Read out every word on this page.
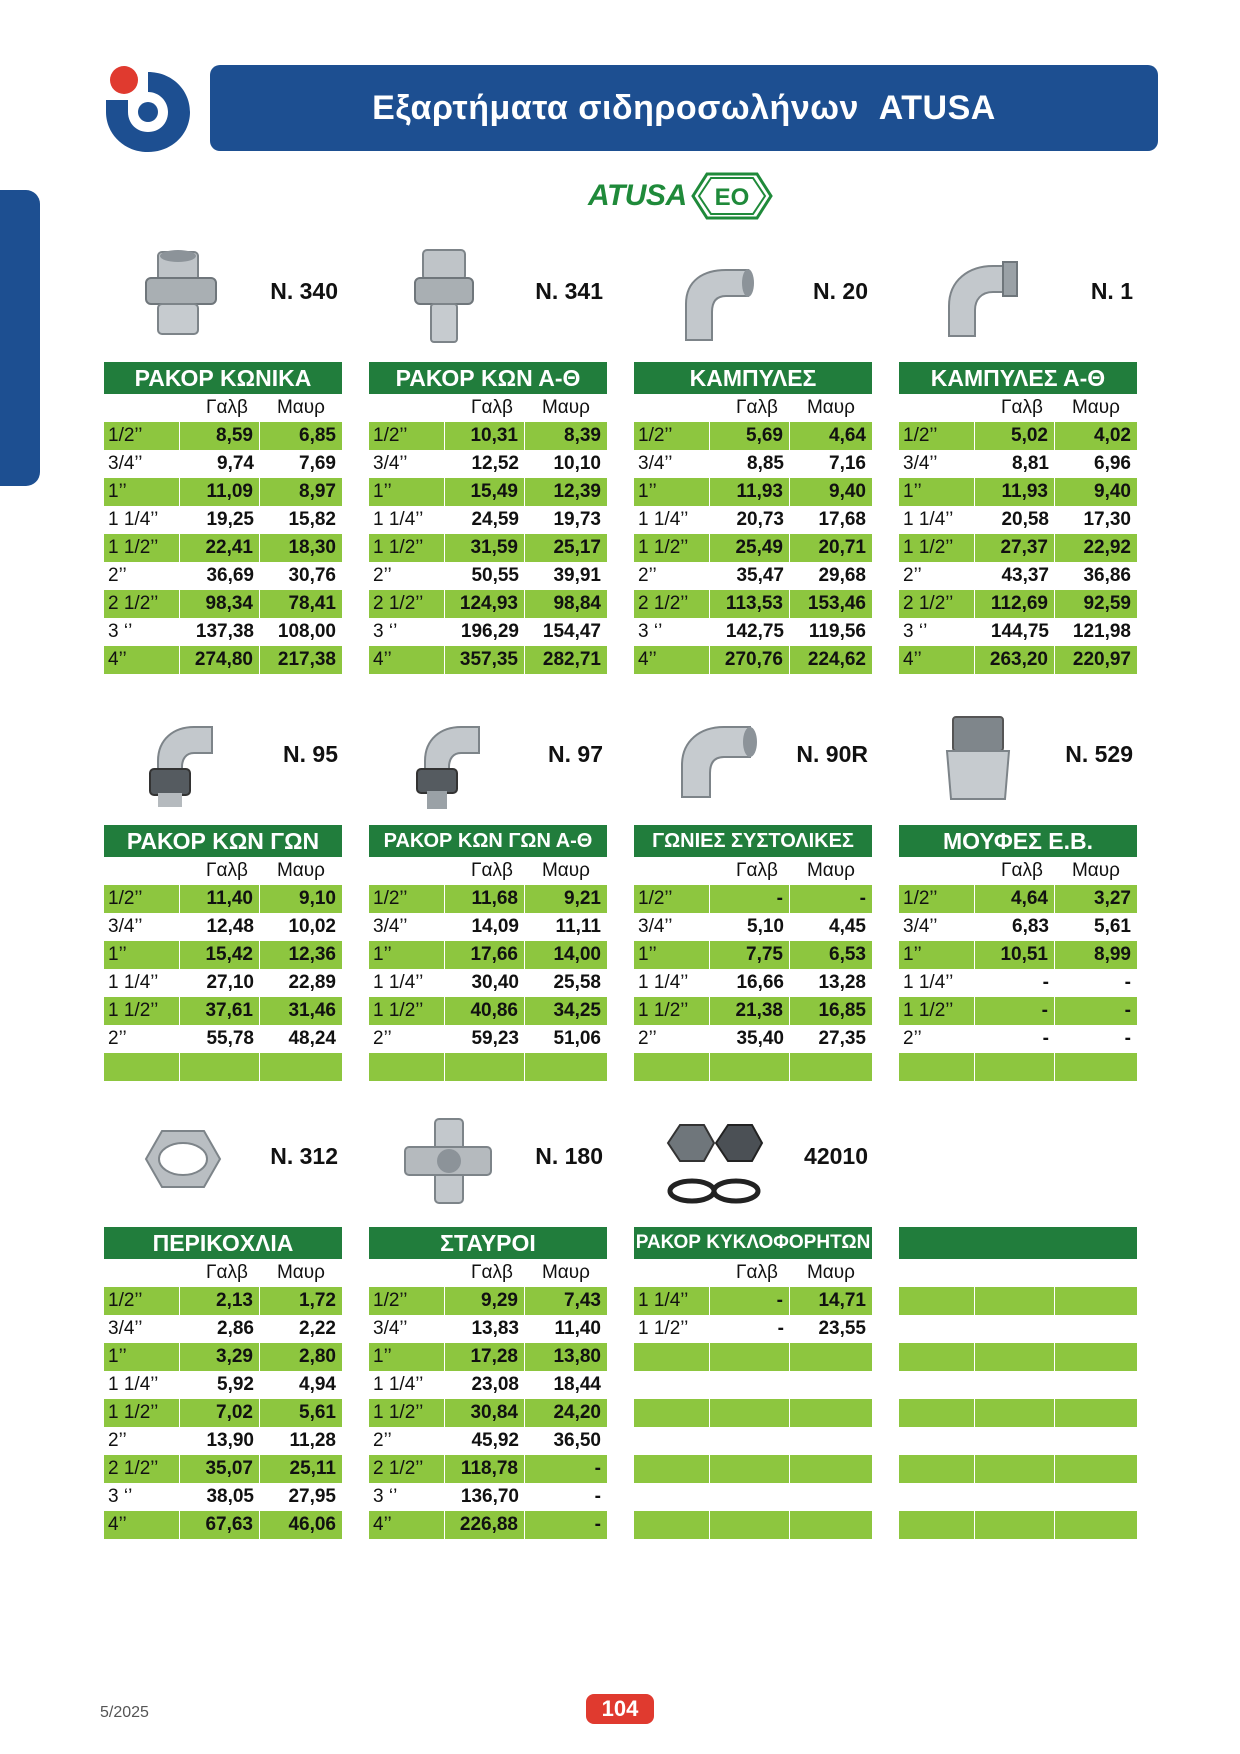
Εξαρτήματα σιδηροσωλήνων  ATUSA
ATUSA EO
N. 340
ΡΑΚΟΡ ΚΩΝΙΚΑ
Γαλβ	Μαυρ
1/2’’	8,59	6,85
3/4’’	9,74	7,69
1’’	11,09	8,97
1 1/4’’	19,25	15,82
1 1/2’’	22,41	18,30
2’’	36,69	30,76
2 1/2’’	98,34	78,41
3 ‘’	137,38	108,00
4’’	274,80	217,38
N. 341
ΡΑΚΟΡ ΚΩΝ Α-Θ
Γαλβ	Μαυρ
1/2’’	10,31	8,39
3/4’’	12,52	10,10
1’’	15,49	12,39
1 1/4’’	24,59	19,73
1 1/2’’	31,59	25,17
2’’	50,55	39,91
2 1/2’’	124,93	98,84
3 ‘’	196,29	154,47
4’’	357,35	282,71
N. 20
ΚΑΜΠΥΛΕΣ
Γαλβ	Μαυρ
1/2’’	5,69	4,64
3/4’’	8,85	7,16
1’’	11,93	9,40
1 1/4’’	20,73	17,68
1 1/2’’	25,49	20,71
2’’	35,47	29,68
2 1/2’’	113,53	153,46
3 ‘’	142,75	119,56
4’’	270,76	224,62
N. 1
ΚΑΜΠΥΛΕΣ Α-Θ
Γαλβ	Μαυρ
1/2’’	5,02	4,02
3/4’’	8,81	6,96
1’’	11,93	9,40
1 1/4’’	20,58	17,30
1 1/2’’	27,37	22,92
2’’	43,37	36,86
2 1/2’’	112,69	92,59
3 ‘’	144,75	121,98
4’’	263,20	220,97
N. 95
ΡΑΚΟΡ ΚΩΝ ΓΩΝ
Γαλβ	Μαυρ
1/2’’	11,40	9,10
3/4’’	12,48	10,02
1’’	15,42	12,36
1 1/4’’	27,10	22,89
1 1/2’’	37,61	31,46
2’’	55,78	48,24
N. 97
ΡΑΚΟΡ ΚΩΝ ΓΩΝ Α-Θ
Γαλβ	Μαυρ
1/2’’	11,68	9,21
3/4’’	14,09	11,11
1’’	17,66	14,00
1 1/4’’	30,40	25,58
1 1/2’’	40,86	34,25
2’’	59,23	51,06
N. 90R
ΓΩΝΙΕΣ ΣΥΣΤΟΛΙΚΕΣ
Γαλβ	Μαυρ
1/2’’	-	-
3/4’’	5,10	4,45
1’’	7,75	6,53
1 1/4’’	16,66	13,28
1 1/2’’	21,38	16,85
2’’	35,40	27,35
N. 529
ΜΟΥΦΕΣ Ε.Β.
Γαλβ	Μαυρ
1/2’’	4,64	3,27
3/4’’	6,83	5,61
1’’	10,51	8,99
1 1/4’’	-	-
1 1/2’’	-	-
2’’	-	-
N. 312
ΠΕΡΙΚΟΧΛΙΑ
Γαλβ	Μαυρ
1/2’’	2,13	1,72
3/4’’	2,86	2,22
1’’	3,29	2,80
1 1/4’’	5,92	4,94
1 1/2’’	7,02	5,61
2’’	13,90	11,28
2 1/2’’	35,07	25,11
3 ‘’	38,05	27,95
4’’	67,63	46,06
N. 180
ΣΤΑΥΡΟΙ
Γαλβ	Μαυρ
1/2’’	9,29	7,43
3/4’’	13,83	11,40
1’’	17,28	13,80
1 1/4’’	23,08	18,44
1 1/2’’	30,84	24,20
2’’	45,92	36,50
2 1/2’’	118,78	-
3 ‘’	136,70	-
4’’	226,88	-
42010
ΡΑΚΟΡ ΚΥΚΛΟΦΟΡΗΤΩΝ
Γαλβ	Μαυρ
1 1/4’’	-	14,71
1 1/2’’	-	23,55
5/2025	104
